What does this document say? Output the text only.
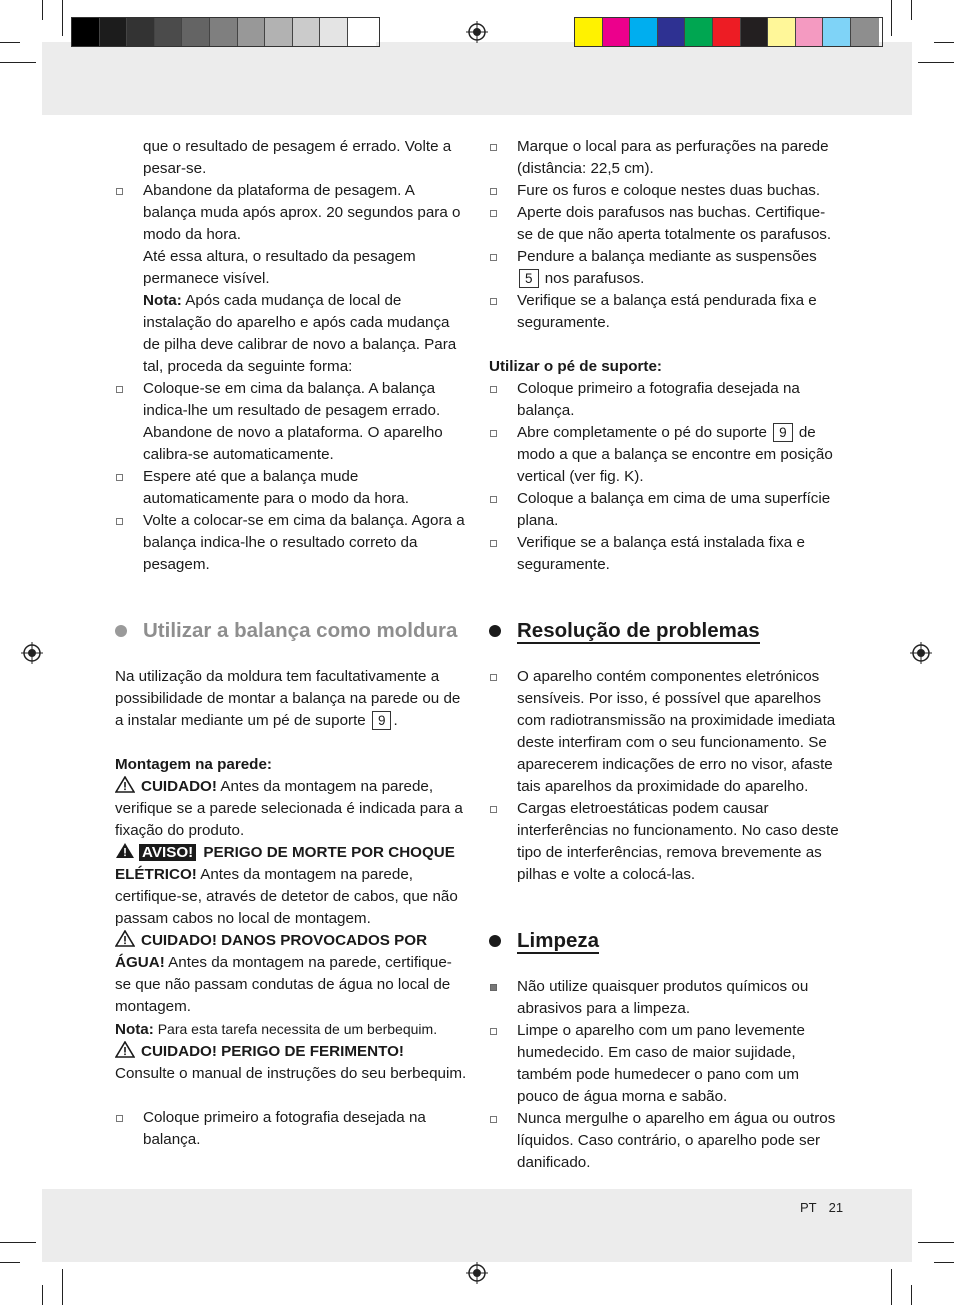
que o resultado de pesagem é errado. Volte a pesar-se.

Abandone da plataforma de pesagem. A balança muda após aprox. 20 segundos para o modo da hora.

Até essa altura, o resultado da pesagem permanece visível.

Nota: Após cada mudança de local de instalação do aparelho e após cada mudança de pilha deve calibrar de novo a balança. Para tal, proceda da seguinte forma:

Coloque-se em cima da balança. A balança indica-lhe um resultado de pesagem errado. Abandone de novo a plataforma. O aparelho calibra-se automaticamente.

Espere até que a balança mude automaticamente para o modo da hora.

Volte a colocar-se em cima da balança. Agora a balança indica-lhe o resultado correto da pesagem.

Utilizar a balança como moldura

Na utilização da moldura tem facultativamente a possibilidade de montar a balança na parede ou de a instalar mediante um pé de suporte 9 .

Montagem na parede:

CUIDADO! Antes da montagem na parede, verifique se a parede selecionada é indicada para a fixação do produto.

AVISO! PERIGO DE MORTE POR CHOQUE ELÉTRICO! Antes da montagem na parede, certifique-se, através de detetor de cabos, que não passam cabos no local de montagem.

CUIDADO! DANOS PROVOCADOS POR ÁGUA! Antes da montagem na parede, certifique-se que não passam condutas de água no local de montagem.

Nota: Para esta tarefa necessita de um berbequim.

CUIDADO! PERIGO DE FERIMENTO!

Consulte o manual de instruções do seu berbequim.

Coloque primeiro a fotografia desejada na balança.

Marque o local para as perfurações na parede (distância: 22,5 cm).

Fure os furos e coloque nestes duas buchas.

Aperte dois parafusos nas buchas. Certifique-se de que não aperta totalmente os parafusos.

Pendure a balança mediante as suspensões 5 nos parafusos.

Verifique se a balança está pendurada fixa e seguramente.

Utilizar o pé de suporte:

Coloque primeiro a fotografia desejada na balança.

Abre completamente o pé do suporte 9 de modo a que a balança se encontre em posição vertical (ver fig. K).

Coloque a balança em cima de uma superfície plana.

Verifique se a balança está instalada fixa e seguramente.

Resolução de problemas

O aparelho contém componentes eletrónicos sensíveis. Por isso, é possível que aparelhos com radiotransmissão na proximidade imediata deste interfiram com o seu funcionamento. Se aparecerem indicações de erro no visor, afaste tais aparelhos da proximidade do aparelho.

Cargas eletroestáticas podem causar interferências no funcionamento. No caso deste tipo de interferências, remova brevemente as pilhas e volte a colocá-las.

Limpeza

Não utilize quaisquer produtos químicos ou abrasivos para a limpeza.

Limpe o aparelho com um pano levemente humedecido. Em caso de maior sujidade, também pode humedecer o pano com um pouco de água morna e sabão.

Nunca mergulhe o aparelho em água ou outros líquidos. Caso contrário, o aparelho pode ser danificado.

PT 21
